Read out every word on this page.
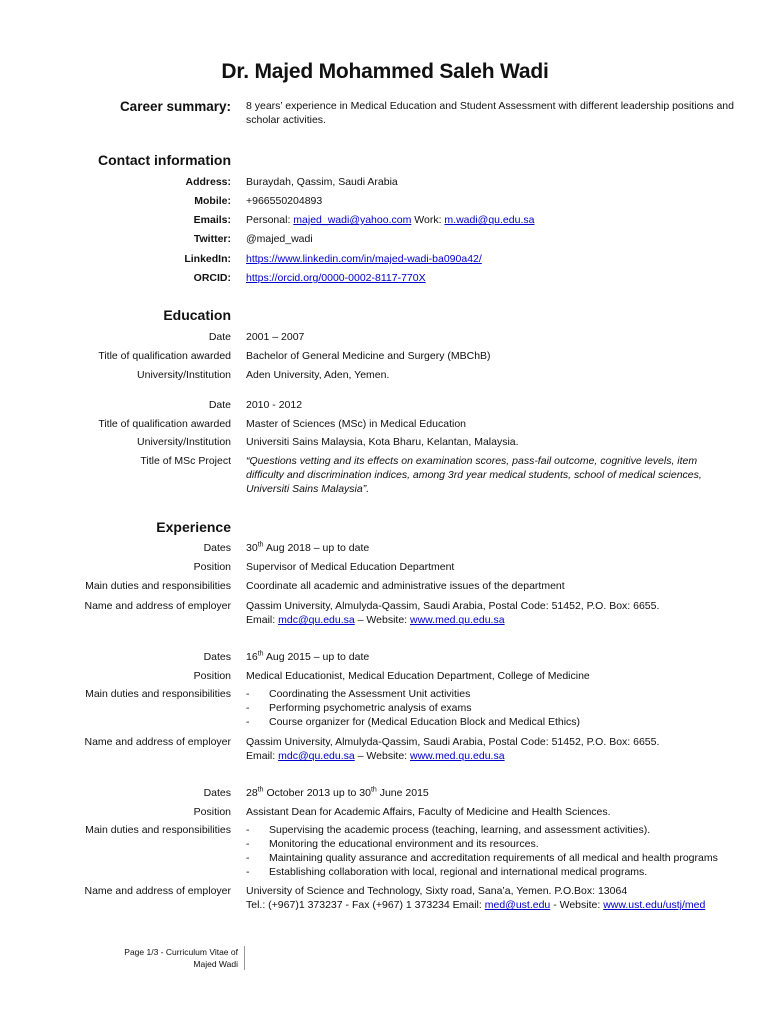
Dr. Majed Mohammed Saleh Wadi
Career summary: 8 years’ experience in Medical Education and Student Assessment with different leadership positions and scholar activities.
Contact information
Address: Buraydah, Qassim, Saudi Arabia
Mobile: +966550204893
Emails: Personal: majed_wadi@yahoo.com Work: m.wadi@qu.edu.sa
Twitter: @majed_wadi
LinkedIn: https://www.linkedin.com/in/majed-wadi-ba090a42/
ORCID: https://orcid.org/0000-0002-8117-770X
Education
Date 2001 – 2007
Title of qualification awarded Bachelor of General Medicine and Surgery (MBChB)
University/Institution Aden University, Aden, Yemen.
Date 2010 - 2012
Title of qualification awarded Master of Sciences (MSc) in Medical Education
University/Institution Universiti Sains Malaysia, Kota Bharu, Kelantan, Malaysia.
Title of MSc Project “Questions vetting and its effects on examination scores, pass-fail outcome, cognitive levels, item difficulty and discrimination indices, among 3rd year medical students, school of medical sciences, Universiti Sains Malaysia”.
Experience
Dates 30th Aug 2018 – up to date
Position Supervisor of Medical Education Department
Main duties and responsibilities Coordinate all academic and administrative issues of the department
Name and address of employer Qassim University, Almulyda-Qassim, Saudi Arabia, Postal Code: 51452, P.O. Box: 6655.
Email: mdc@qu.edu.sa – Website: www.med.qu.edu.sa
Dates 16th Aug 2015 – up to date
Position Medical Educationist, Medical Education Department, College of Medicine
Main duties and responsibilities	- Coordinating the Assessment Unit activities
- Performing psychometric analysis of exams
- Course organizer for (Medical Education Block and Medical Ethics)
Name and address of employer Qassim University, Almulyda-Qassim, Saudi Arabia, Postal Code: 51452, P.O. Box: 6655.
Email: mdc@qu.edu.sa – Website: www.med.qu.edu.sa
Dates 28th October 2013 up to 30th June 2015
Position Assistant Dean for Academic Affairs, Faculty of Medicine and Health Sciences.
Main duties and responsibilities	- Supervising the academic process (teaching, learning, and assessment activities).
- Monitoring the educational environment and its resources.
- Maintaining quality assurance and accreditation requirements of all medical and health programs
- Establishing collaboration with local, regional and international medical programs.
Name and address of employer University of Science and Technology, Sixty road, Sana’a, Yemen. P.O.Box: 13064
Tel.: (+967)1 373237 - Fax (+967) 1 373234 Email: med@ust.edu - Website: www.ust.edu/ustj/med
Page 1/3 - Curriculum Vitae of
Majed Wadi
